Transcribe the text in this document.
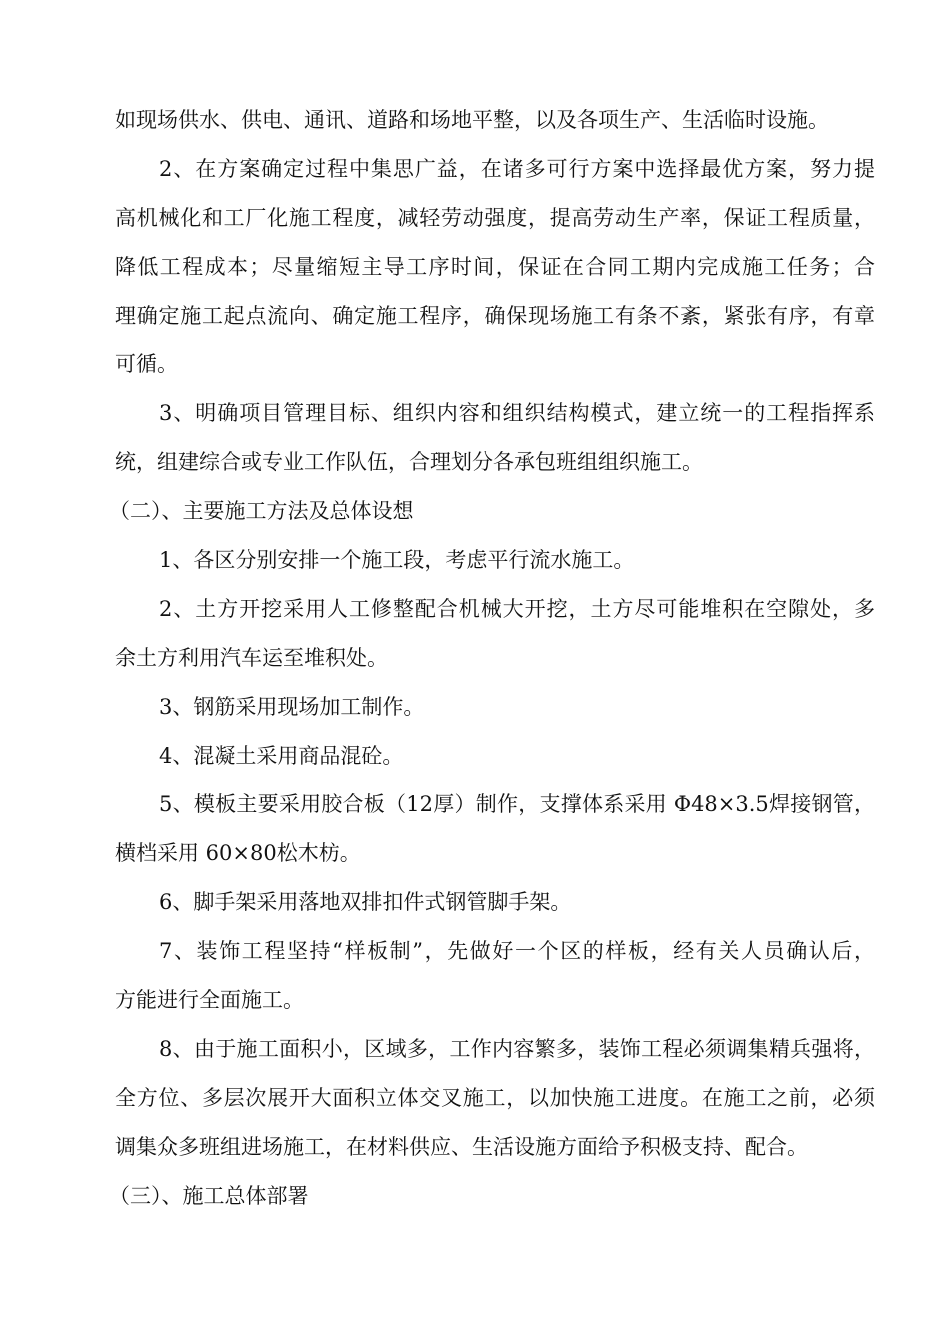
如现场供水、供电、通讯、道路和场地平整，以及各项生产、生活临时设施。
2、在方案确定过程中集思广益，在诸多可行方案中选择最优方案，努力提
高机械化和工厂化施工程度，减轻劳动强度，提高劳动生产率，保证工程质量，
降低工程成本；尽量缩短主导工序时间，保证在合同工期内完成施工任务；合
理确定施工起点流向、确定施工程序，确保现场施工有条不紊，紧张有序，有章
可循。
3、明确项目管理目标、组织内容和组织结构模式，建立统一的工程指挥系
统，组建综合或专业工作队伍，合理划分各承包班组组织施工。
（二）、主要施工方法及总体设想
1、各区分别安排一个施工段，考虑平行流水施工。
2、土方开挖采用人工修整配合机械大开挖，土方尽可能堆积在空隙处，多
余土方利用汽车运至堆积处。
3、钢筋采用现场加工制作。
4、混凝土采用商品混砼。
5、模板主要采用胶合板（12厚）制作，支撑体系采用 Φ48×3.5焊接钢管，
横档采用 60×80松木枋。
6、脚手架采用落地双排扣件式钢管脚手架。
7、装饰工程坚持“样板制”，先做好一个区的样板，经有关人员确认后，
方能进行全面施工。
8、由于施工面积小，区域多，工作内容繁多，装饰工程必须调集精兵强将，
全方位、多层次展开大面积立体交叉施工，以加快施工进度。在施工之前，必须
调集众多班组进场施工，在材料供应、生活设施方面给予积极支持、配合。
（三）、施工总体部署
